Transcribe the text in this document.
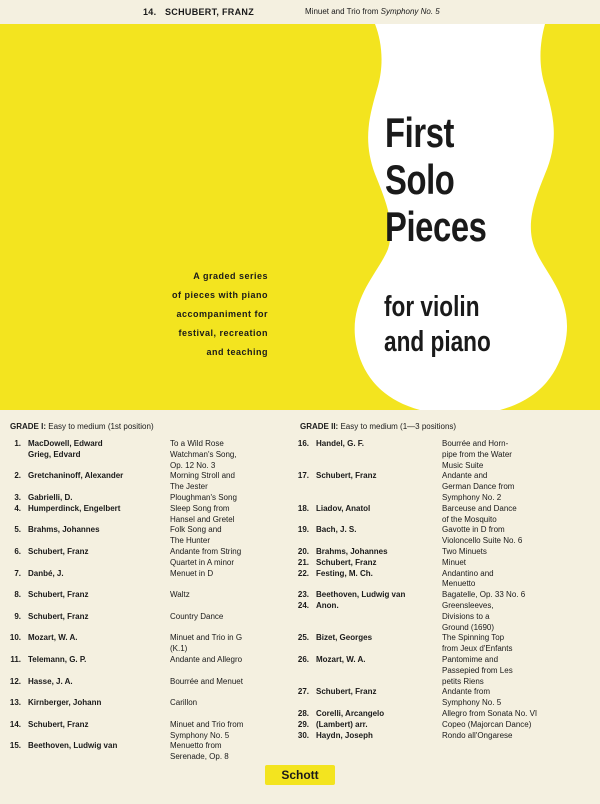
14. SCHUBERT, FRANZ	Minuet and Trio from Symphony No. 5
First
Solo
Pieces
for violin
and piano
A graded series
of pieces with piano
accompaniment for
festival, recreation
and teaching
GRADE I: Easy to medium (1st position)	GRADE II: Easy to medium (1—3 positions)
1. MacDowell, Edward	To a Wild Rose
Grieg, Edvard	Watchman's Song,
Op. 12 No. 3
2. Gretchaninoff, Alexander	Morning Stroll and
The Jester
3. Gabrielli, D.	Ploughman's Song
4. Humperdinck, Engelbert	Sleep Song from
Hansel and Gretel
5. Brahms, Johannes	Folk Song and
The Hunter
6. Schubert, Franz	Andante from String
Quartet in A minor
7. Danbé, J.	Menuet in D
8. Schubert, Franz	Waltz
9. Schubert, Franz	Country Dance
10. Mozart, W. A.	Minuet and Trio in G
(K.1)
11. Telemann, G. P.	Andante and Allegro
12. Hasse, J. A.	Bourrée and Menuet
13. Kirnberger, Johann	Carillon
14. Schubert, Franz	Minuet and Trio from
Symphony No. 5
15. Beethoven, Ludwig van	Menuetto from
Serenade, Op. 8
16. Handel, G. F.	Bourrée and Horn-
pipe from the Water
Music Suite
17. Schubert, Franz	Andante and
German Dance from
Symphony No. 2
18. Liadov, Anatol	Barceuse and Dance
of the Mosquito
19. Bach, J. S.	Gavotte in D from
Violoncello Suite No. 6
20. Brahms, Johannes	Two Minuets
21. Schubert, Franz	Minuet
22. Festing, M. Ch.	Andantino and
Menuetto
23. Beethoven, Ludwig van	Bagatelle, Op. 33 No. 6
24. Anon.	Greensleeves,
Divisions to a
Ground (1690)
25. Bizet, Georges	The Spinning Top
from Jeux d'Enfants
26. Mozart, W. A.	Pantomime and
Passepied from Les
petits Riens
27. Schubert, Franz	Andante from
Symphony No. 5
28. Corelli, Arcangelo	Allegro from Sonata No. VI
29. (Lambert) arr.	Copeo (Majorcan Dance)
30. Haydn, Joseph	Rondo all'Ongarese
Schott
